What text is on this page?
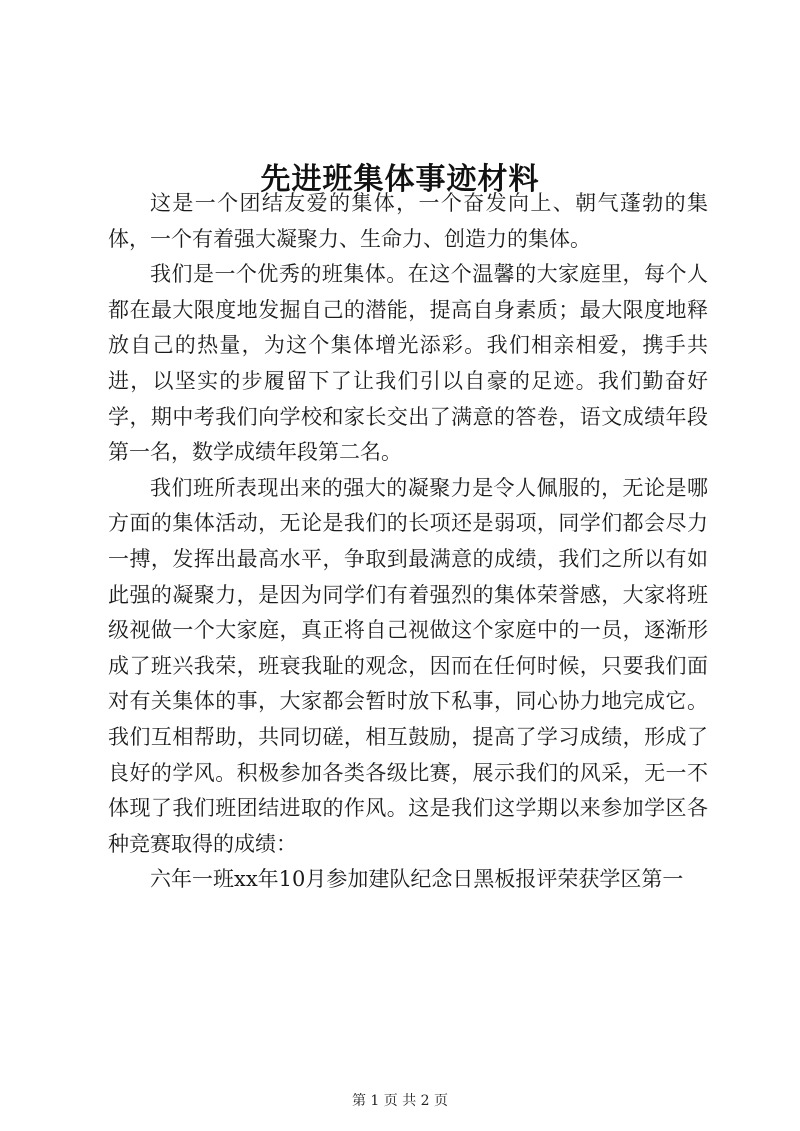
先进班集体事迹材料

这是一个团结友爱的集体，一个奋发向上、朝气蓬勃的集体，一个有着强大凝聚力、生命力、创造力的集体。

我们是一个优秀的班集体。在这个温馨的大家庭里，每个人都在最大限度地发掘自己的潜能，提高自身素质；最大限度地释放自己的热量，为这个集体增光添彩。我们相亲相爱，携手共进，以坚实的步履留下了让我们引以自豪的足迹。我们勤奋好学，期中考我们向学校和家长交出了满意的答卷，语文成绩年段第一名，数学成绩年段第二名。

我们班所表现出来的强大的凝聚力是令人佩服的，无论是哪方面的集体活动，无论是我们的长项还是弱项，同学们都会尽力一搏，发挥出最高水平，争取到最满意的成绩，我们之所以有如此强的凝聚力，是因为同学们有着强烈的集体荣誉感，大家将班级视做一个大家庭，真正将自己视做这个家庭中的一员，逐渐形成了班兴我荣，班衰我耻的观念，因而在任何时候，只要我们面对有关集体的事，大家都会暂时放下私事，同心协力地完成它。我们互相帮助，共同切磋，相互鼓励，提高了学习成绩，形成了良好的学风。积极参加各类各级比赛，展示我们的风采，无一不体现了我们班团结进取的作风。这是我们这学期以来参加学区各种竞赛取得的成绩：

六年一班xx年10月参加建队纪念日黑板报评荣获学区第一

第 1 页 共 2 页
